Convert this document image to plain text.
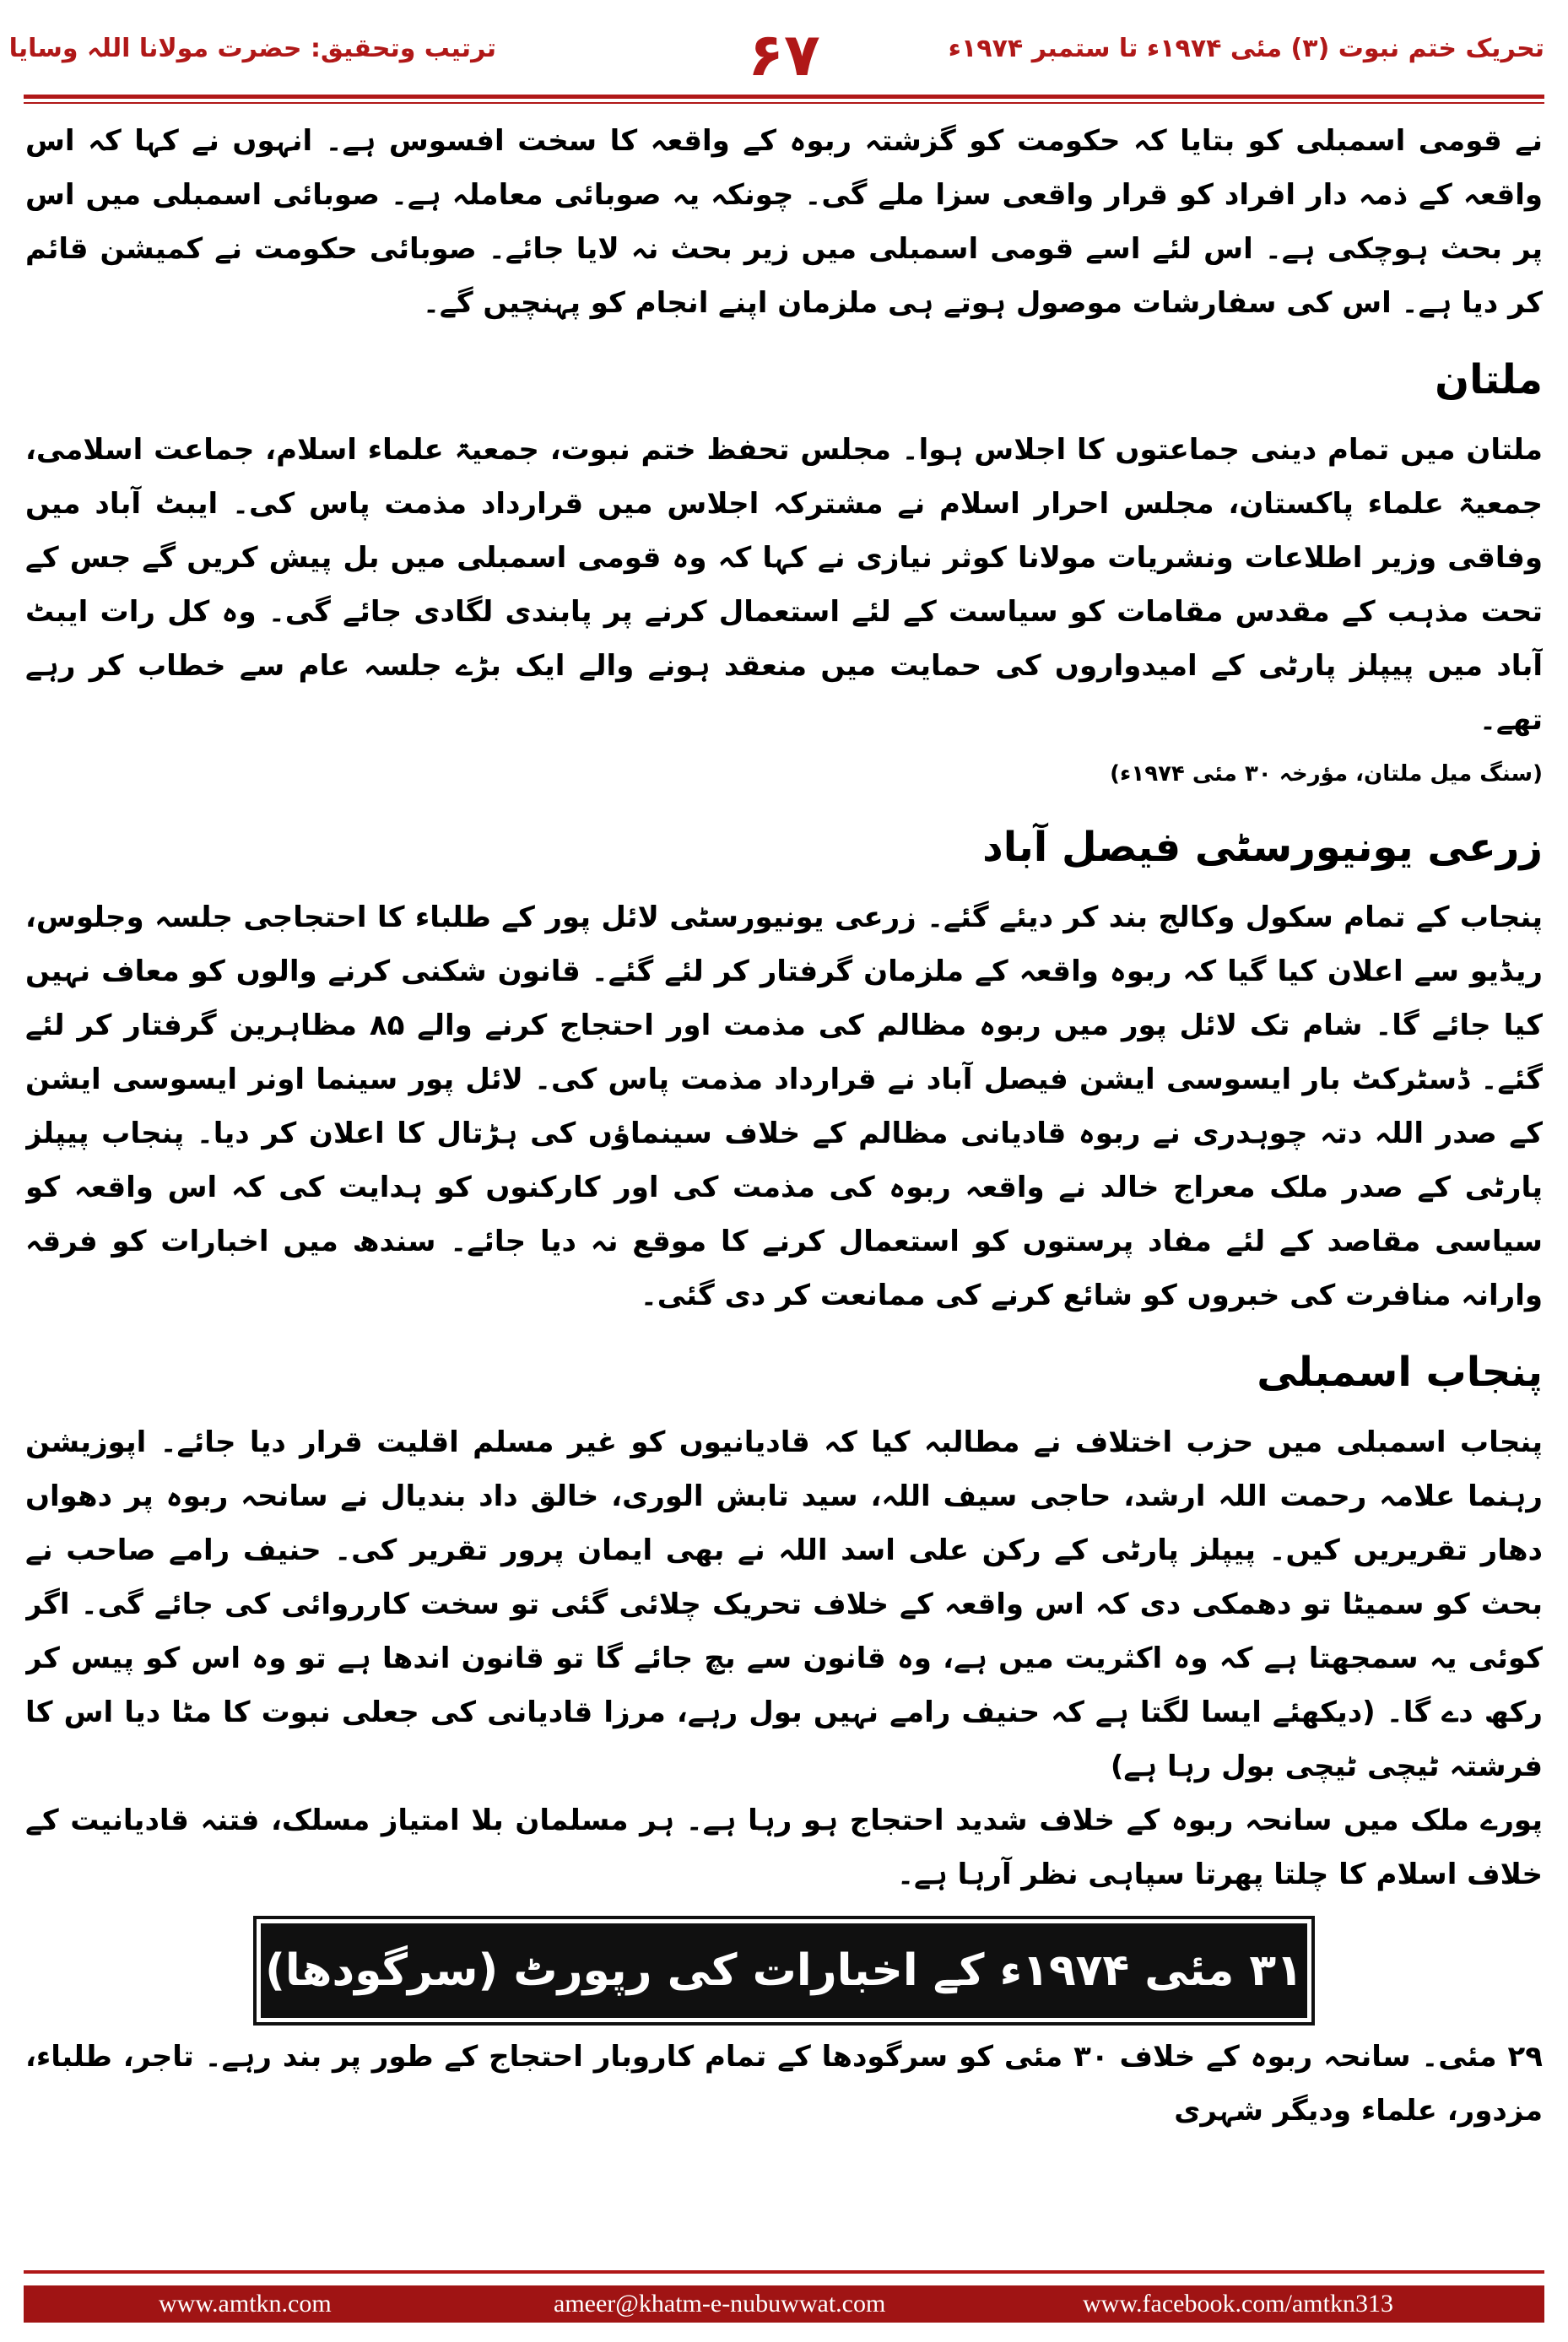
ترتیب وتحقیق: حضرت مولانا اللہ وسایا	۶۷	تحریک ختم نبوت (۳) مئی ۱۹۷۴ء تا ستمبر ۱۹۷۴ء

نے قومی اسمبلی کو بتایا کہ حکومت کو گزشتہ ربوہ کے واقعہ کا سخت افسوس ہے۔ انہوں نے کہا کہ اس واقعہ کے ذمہ دار افراد کو قرار واقعی سزا ملے گی۔ چونکہ یہ صوبائی معاملہ ہے۔ صوبائی اسمبلی میں اس پر بحث ہوچکی ہے۔ اس لئے اسے قومی اسمبلی میں زیر بحث نہ لایا جائے۔ صوبائی حکومت نے کمیشن قائم کر دیا ہے۔ اس کی سفارشات موصول ہوتے ہی ملزمان اپنے انجام کو پہنچیں گے۔

ملتان

ملتان میں تمام دینی جماعتوں کا اجلاس ہوا۔ مجلس تحفظ ختم نبوت، جمعیۃ علماء اسلام، جماعت اسلامی، جمعیۃ علماء پاکستان، مجلس احرار اسلام نے مشترکہ اجلاس میں قرارداد مذمت پاس کی۔ ایبٹ آباد میں وفاقی وزیر اطلاعات ونشریات مولانا کوثر نیازی نے کہا کہ وہ قومی اسمبلی میں بل پیش کریں گے جس کے تحت مذہب کے مقدس مقامات کو سیاست کے لئے استعمال کرنے پر پابندی لگادی جائے گی۔ وہ کل رات ایبٹ آباد میں پیپلز پارٹی کے امیدواروں کی حمایت میں منعقد ہونے والے ایک بڑے جلسہ عام سے خطاب کر رہے تھے۔

(سنگ میل ملتان، مؤرخہ ۳۰ مئی ۱۹۷۴ء)

زرعی یونیورسٹی فیصل آباد

پنجاب کے تمام سکول وکالج بند کر دیئے گئے۔ زرعی یونیورسٹی لائل پور کے طلباء کا احتجاجی جلسہ وجلوس، ریڈیو سے اعلان کیا گیا کہ ربوہ واقعہ کے ملزمان گرفتار کر لئے گئے۔ قانون شکنی کرنے والوں کو معاف نہیں کیا جائے گا۔ شام تک لائل پور میں ربوہ مظالم کی مذمت اور احتجاج کرنے والے ۸۵ مظاہرین گرفتار کر لئے گئے۔ ڈسٹرکٹ بار ایسوسی ایشن فیصل آباد نے قرارداد مذمت پاس کی۔ لائل پور سینما اونر ایسوسی ایشن کے صدر اللہ دتہ چوہدری نے ربوہ قادیانی مظالم کے خلاف سینماؤں کی ہڑتال کا اعلان کر دیا۔ پنجاب پیپلز پارٹی کے صدر ملک معراج خالد نے واقعہ ربوہ کی مذمت کی اور کارکنوں کو ہدایت کی کہ اس واقعہ کو سیاسی مقاصد کے لئے مفاد پرستوں کو استعمال کرنے کا موقع نہ دیا جائے۔ سندھ میں اخبارات کو فرقہ وارانہ منافرت کی خبروں کو شائع کرنے کی ممانعت کر دی گئی۔

پنجاب اسمبلی

پنجاب اسمبلی میں حزب اختلاف نے مطالبہ کیا کہ قادیانیوں کو غیر مسلم اقلیت قرار دیا جائے۔ اپوزیشن رہنما علامہ رحمت اللہ ارشد، حاجی سیف اللہ، سید تابش الوری، خالق داد بندیال نے سانحہ ربوہ پر دھواں دھار تقریریں کیں۔ پیپلز پارٹی کے رکن علی اسد اللہ نے بھی ایمان پرور تقریر کی۔ حنیف رامے صاحب نے بحث کو سمیٹا تو دھمکی دی کہ اس واقعہ کے خلاف تحریک چلائی گئی تو سخت کارروائی کی جائے گی۔ اگر کوئی یہ سمجھتا ہے کہ وہ اکثریت میں ہے، وہ قانون سے بچ جائے گا تو قانون اندھا ہے تو وہ اس کو پیس کر رکھ دے گا۔ (دیکھئے ایسا لگتا ہے کہ حنیف رامے نہیں بول رہے، مرزا قادیانی کی جعلی نبوت کا مٹا دیا اس کا فرشتہ ٹیچی ٹیچی بول رہا ہے)

پورے ملک میں سانحہ ربوہ کے خلاف شدید احتجاج ہو رہا ہے۔ ہر مسلمان بلا امتیاز مسلک، فتنہ قادیانیت کے خلاف اسلام کا چلتا پھرتا سپاہی نظر آرہا ہے۔

۳۱ مئی ۱۹۷۴ء کے اخبارات کی رپورٹ (سرگودھا)

۲۹ مئی۔ سانحہ ربوہ کے خلاف ۳۰ مئی کو سرگودھا کے تمام کاروبار احتجاج کے طور پر بند رہے۔ تاجر، طلباء، مزدور، علماء ودیگر شہری

www.amtkn.com	ameer@khatm-e-nubuwwat.com	www.facebook.com/amtkn313
